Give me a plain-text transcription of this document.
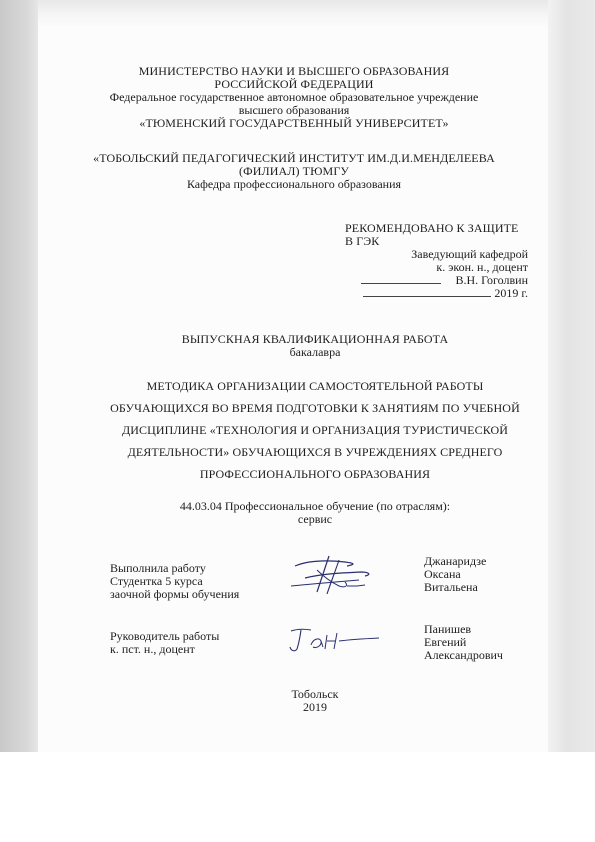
МИНИСТЕРСТВО НАУКИ И ВЫСШЕГО ОБРАЗОВАНИЯ
РОССИЙСКОЙ ФЕДЕРАЦИИ
Федеральное государственное автономное образовательное учреждение
высшего образования
«ТЮМЕНСКИЙ ГОСУДАРСТВЕННЫЙ УНИВЕРСИТЕТ»
«ТОБОЛЬСКИЙ ПЕДАГОГИЧЕСКИЙ ИНСТИТУТ ИМ.Д.И.МЕНДЕЛЕЕВА
(ФИЛИАЛ) ТЮМГУ
Кафедра профессионального образования
РЕКОМЕНДОВАНО К ЗАЩИТЕ
В ГЭК
Заведующий кафедрой
к. экон. н., доцент
В.Н. Гоголвин
2019 г.
ВЫПУСКНАЯ КВАЛИФИКАЦИОННАЯ РАБОТА
бакалавра
МЕТОДИКА ОРГАНИЗАЦИИ САМОСТОЯТЕЛЬНОЙ РАБОТЫ
ОБУЧАЮЩИХСЯ ВО ВРЕМЯ ПОДГОТОВКИ К ЗАНЯТИЯМ ПО УЧЕБНОЙ
ДИСЦИПЛИНЕ «ТЕХНОЛОГИЯ И ОРГАНИЗАЦИЯ ТУРИСТИЧЕСКОЙ
ДЕЯТЕЛЬНОСТИ» ОБУЧАЮЩИХСЯ В УЧРЕЖДЕНИЯХ СРЕДНЕГО
ПРОФЕССИОНАЛЬНОГО ОБРАЗОВАНИЯ
44.03.04 Профессиональное обучение (по отраслям):
сервис
Выполнила работу
Студентка 5 курса
заочной формы обучения
Джанаридзе
Оксана
Витальена
Руководитель работы
к. пст. н., доцент
Панишев
Евгений
Александрович
Тобольск
2019
